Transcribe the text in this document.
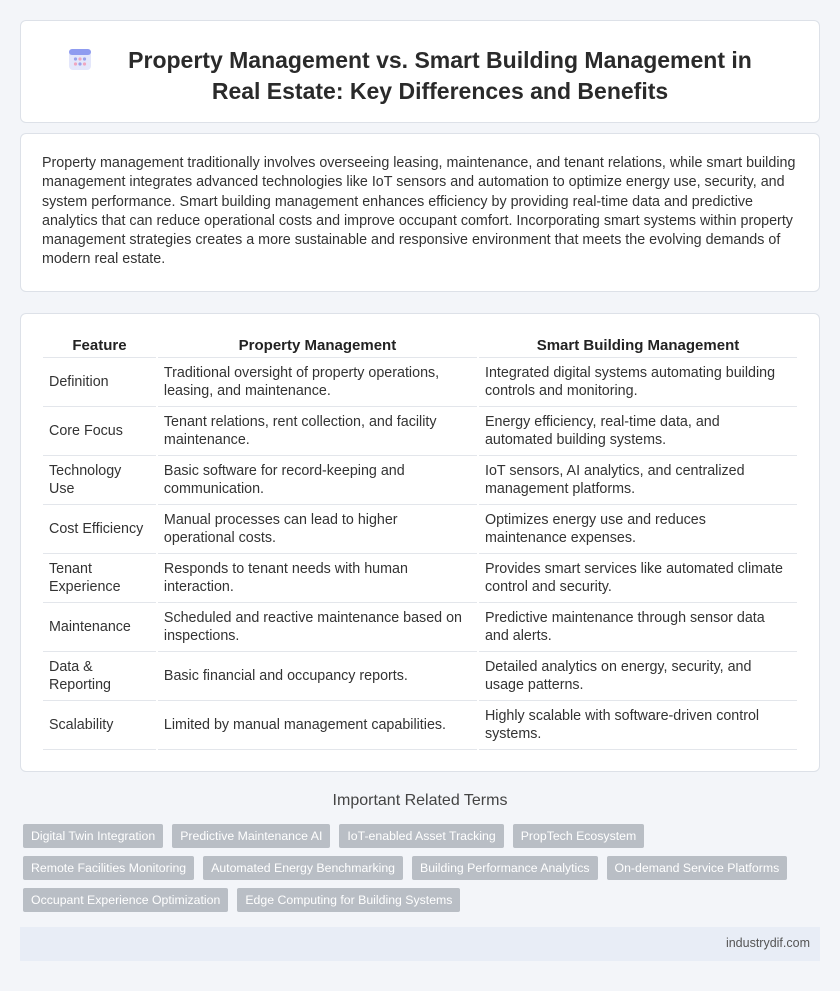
Property Management vs. Smart Building Management in Real Estate: Key Differences and Benefits

Property management traditionally involves overseeing leasing, maintenance, and tenant relations, while smart building management integrates advanced technologies like IoT sensors and automation to optimize energy use, security, and system performance. Smart building management enhances efficiency by providing real-time data and predictive analytics that can reduce operational costs and improve occupant comfort. Incorporating smart systems within property management strategies creates a more sustainable and responsive environment that meets the evolving demands of modern real estate.

Feature	Property Management	Smart Building Management
Definition	Traditional oversight of property operations, leasing, and maintenance.	Integrated digital systems automating building controls and monitoring.
Core Focus	Tenant relations, rent collection, and facility maintenance.	Energy efficiency, real-time data, and automated building systems.
Technology Use	Basic software for record-keeping and communication.	IoT sensors, AI analytics, and centralized management platforms.
Cost Efficiency	Manual processes can lead to higher operational costs.	Optimizes energy use and reduces maintenance expenses.
Tenant Experience	Responds to tenant needs with human interaction.	Provides smart services like automated climate control and security.
Maintenance	Scheduled and reactive maintenance based on inspections.	Predictive maintenance through sensor data and alerts.
Data & Reporting	Basic financial and occupancy reports.	Detailed analytics on energy, security, and usage patterns.
Scalability	Limited by manual management capabilities.	Highly scalable with software-driven control systems.
Important Related Terms
Digital Twin Integration	Predictive Maintenance AI	IoT-enabled Asset Tracking	PropTech Ecosystem
Remote Facilities Monitoring	Automated Energy Benchmarking	Building Performance Analytics	On-demand Service Platforms
Occupant Experience Optimization	Edge Computing for Building Systems
industrydif.com
